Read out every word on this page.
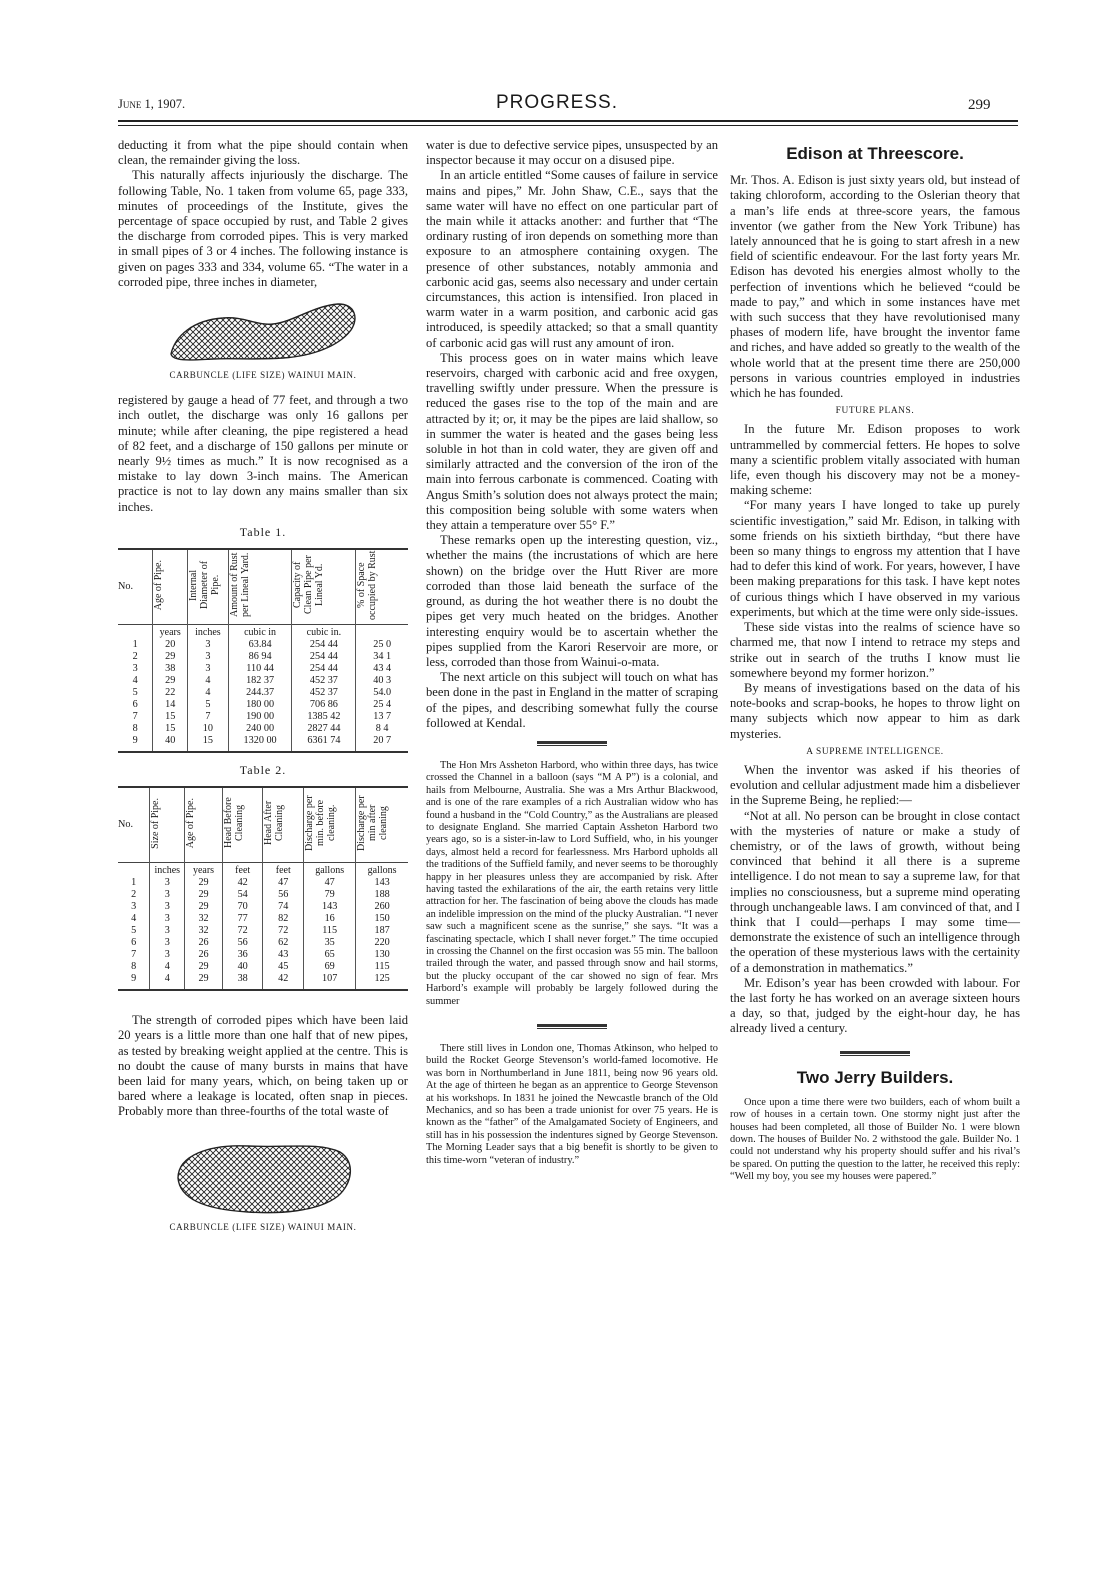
June 1, 1907.	PROGRESS.	299

deducting it from what the pipe should contain when clean, the remainder giving the loss.

This naturally affects injuriously the discharge. The following Table, No. 1 taken from volume 65, page 333, minutes of proceedings of the Institute, gives the percentage of space occupied by rust, and Table 2 gives the discharge from corroded pipes. This is very marked in small pipes of 3 or 4 inches. The following instance is given on pages 333 and 334, volume 65. “The water in a corroded pipe, three inches in diameter,

CARBUNCLE (LIFE SIZE) WAINUI MAIN.

registered by gauge a head of 77 feet, and through a two inch outlet, the discharge was only 16 gallons per minute; while after cleaning, the pipe registered a head of 82 feet, and a discharge of 150 gallons per minute or nearly 9½ times as much.” It is now recognised as a mistake to lay down 3-inch mains. The American practice is not to lay down any mains smaller than six inches.

Table 1.
No.	Age of Pipe.	Internal Diameter of Pipe.	Amount of Rust per Lineal Yard.	Capacity of Clean Pipe per Lineal Yd.	% of Space occupied by Rust
	years	inches	cubic in	cubic in.	
1	20	3	63.84	254 44	25 0
2	29	3	86 94	254 44	34 1
3	38	3	110 44	254 44	43 4
4	29	4	182 37	452 37	40 3
5	22	4	244.37	452 37	54.0
6	14	5	180 00	706 86	25 4
7	15	7	190 00	1385 42	13 7
8	15	10	240 00	2827 44	8 4
9	40	15	1320 00	6361 74	20 7
Table 2.
No.	Size of Pipe.	Age of Pipe.	Head Before Cleaning	Head After Cleaning	Discharge per min. before cleaning.	Discharge per min after cleaning
	inches	years	feet	feet	gallons	gallons
1	3	29	42	47	47	143
2	3	29	54	56	79	188
3	3	29	70	74	143	260
4	3	32	77	82	16	150
5	3	32	72	72	115	187
6	3	26	56	62	35	220
7	3	26	36	43	65	130
8	4	29	40	45	69	115
9	4	29	38	42	107	125

The strength of corroded pipes which have been laid 20 years is a little more than one half that of new pipes, as tested by breaking weight applied at the centre. This is no doubt the cause of many bursts in mains that have been laid for many years, which, on being taken up or bared where a leakage is located, often snap in pieces. Probably more than three-fourths of the total waste of

CARBUNCLE (LIFE SIZE) WAINUI MAIN.

water is due to defective service pipes, unsuspected by an inspector because it may occur on a disused pipe.

In an article entitled “Some causes of failure in service mains and pipes,” Mr. John Shaw, C.E., says that the same water will have no effect on one particular part of the main while it attacks another: and further that “The ordinary rusting of iron depends on something more than exposure to an atmosphere containing oxygen. The presence of other substances, notably ammonia and carbonic acid gas, seems also necessary and under certain circumstances, this action is intensified. Iron placed in warm water in a warm position, and carbonic acid gas introduced, is speedily attacked; so that a small quantity of carbonic acid gas will rust any amount of iron.

This process goes on in water mains which leave reservoirs, charged with carbonic acid and free oxygen, travelling swiftly under pressure. When the pressure is reduced the gases rise to the top of the main and are attracted by it; or, it may be the pipes are laid shallow, so in summer the water is heated and the gases being less soluble in hot than in cold water, they are given off and similarly attracted and the conversion of the iron of the main into ferrous carbonate is commenced. Coating with Angus Smith’s solution does not always protect the main; this composition being soluble with some waters when they attain a temperature over 55° F.”

These remarks open up the interesting question, viz., whether the mains (the incrustations of which are here shown) on the bridge over the Hutt River are more corroded than those laid beneath the surface of the ground, as during the hot weather there is no doubt the pipes get very much heated on the bridges. Another interesting enquiry would be to ascertain whether the pipes supplied from the Karori Reservoir are more, or less, corroded than those from Wainui-o-mata.

The next article on this subject will touch on what has been done in the past in England in the matter of scraping of the pipes, and describing somewhat fully the course followed at Kendal.

The Hon Mrs Assheton Harbord, who within three days, has twice crossed the Channel in a balloon (says “M A P”) is a colonial, and hails from Melbourne, Australia. She was a Mrs Arthur Blackwood, and is one of the rare examples of a rich Australian widow who has found a husband in the “Cold Country,” as the Australians are pleased to designate England. She married Captain Assheton Harbord two years ago, so is a sister-in-law to Lord Suffield, who, in his younger days, almost held a record for fearlessness. Mrs Harbord upholds all the traditions of the Suffield family, and never seems to be thoroughly happy in her pleasures unless they are accompanied by risk. After having tasted the exhilarations of the air, the earth retains very little attraction for her. The fascination of being above the clouds has made an indelible impression on the mind of the plucky Australian. “I never saw such a magnificent scene as the sunrise,” she says. “It was a fascinating spectacle, which I shall never forget.” The time occupied in crossing the Channel on the first occasion was 55 min. The balloon trailed through the water, and passed through snow and hail storms, but the plucky occupant of the car showed no sign of fear. Mrs Harbord’s example will probably be largely followed during the summer

There still lives in London one, Thomas Atkinson, who helped to build the Rocket George Stevenson’s world-famed locomotive. He was born in Northumberland in June 1811, being now 96 years old. At the age of thirteen he began as an apprentice to George Stevenson at his workshops. In 1831 he joined the Newcastle branch of the Old Mechanics, and so has been a trade unionist for over 75 years. He is known as the “father” of the Amalgamated Society of Engineers, and still has in his possession the indentures signed by George Stevenson. The Morning Leader says that a big benefit is shortly to be given to this time-worn “veteran of industry.”

Edison at Threescore.

Mr. Thos. A. Edison is just sixty years old, but instead of taking chloroform, according to the Oslerian theory that a man’s life ends at three-score years, the famous inventor (we gather from the New York Tribune) has lately announced that he is going to start afresh in a new field of scientific endeavour. For the last forty years Mr. Edison has devoted his energies almost wholly to the perfection of inventions which he believed “could be made to pay,” and which in some instances have met with such success that they have revolutionised many phases of modern life, have brought the inventor fame and riches, and have added so greatly to the wealth of the whole world that at the present time there are 250,000 persons in various countries employed in industries which he has founded.

FUTURE PLANS.

In the future Mr. Edison proposes to work untrammelled by commercial fetters. He hopes to solve many a scientific problem vitally associated with human life, even though his discovery may not be a money-making scheme:

“For many years I have longed to take up purely scientific investigation,” said Mr. Edison, in talking with some friends on his sixtieth birthday, “but there have been so many things to engross my attention that I have had to defer this kind of work. For years, however, I have been making preparations for this task. I have kept notes of curious things which I have observed in my various experiments, but which at the time were only side-issues.

These side vistas into the realms of science have so charmed me, that now I intend to retrace my steps and strike out in search of the truths I know must lie somewhere beyond my former horizon.”

By means of investigations based on the data of his note-books and scrap-books, he hopes to throw light on many subjects which now appear to him as dark mysteries.

A SUPREME INTELLIGENCE.

When the inventor was asked if his theories of evolution and cellular adjustment made him a disbeliever in the Supreme Being, he replied:—

“Not at all. No person can be brought in close contact with the mysteries of nature or make a study of chemistry, or of the laws of growth, without being convinced that behind it all there is a supreme intelligence. I do not mean to say a supreme law, for that implies no consciousness, but a supreme mind operating through unchangeable laws. I am convinced of that, and I think that I could—perhaps I may some time—demonstrate the existence of such an intelligence through the operation of these mysterious laws with the certainity of a demonstration in mathematics.”

Mr. Edison’s year has been crowded with labour. For the last forty he has worked on an average sixteen hours a day, so that, judged by the eight-hour day, he has already lived a century.

Two Jerry Builders.

Once upon a time there were two builders, each of whom built a row of houses in a certain town. One stormy night just after the houses had been completed, all those of Builder No. 1 were blown down. The houses of Builder No. 2 withstood the gale. Builder No. 1 could not understand why his property should suffer and his rival’s be spared. On putting the question to the latter, he received this reply: “Well my boy, you see my houses were papered.”
